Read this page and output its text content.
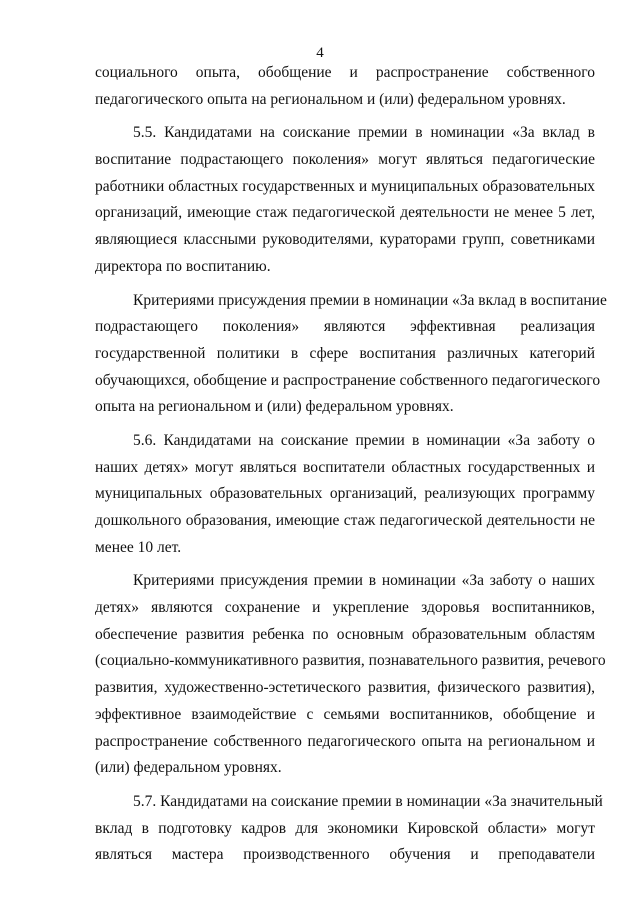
4
социального опыта, обобщение и распространение собственного
педагогического опыта на региональном и (или) федеральном уровнях.
5.5. Кандидатами на соискание премии в номинации «За вклад в
воспитание подрастающего поколения» могут являться педагогические
работники областных государственных и муниципальных образовательных
организаций, имеющие стаж педагогической деятельности не менее 5 лет,
являющиеся классными руководителями, кураторами групп, советниками
директора по воспитанию.
Критериями присуждения премии в номинации «За вклад в воспитание
подрастающего поколения» являются эффективная реализация
государственной политики в сфере воспитания различных категорий
обучающихся, обобщение и распространение собственного педагогического
опыта на региональном и (или) федеральном уровнях.
5.6. Кандидатами на соискание премии в номинации «За заботу о
наших детях» могут являться воспитатели областных государственных и
муниципальных образовательных организаций, реализующих программу
дошкольного образования, имеющие стаж педагогической деятельности не
менее 10 лет.
Критериями присуждения премии в номинации «За заботу о наших
детях» являются сохранение и укрепление здоровья воспитанников,
обеспечение развития ребенка по основным образовательным областям
(социально-коммуникативного развития, познавательного развития, речевого
развития, художественно-эстетического развития, физического развития),
эффективное взаимодействие с семьями воспитанников, обобщение и
распространение собственного педагогического опыта на региональном и
(или) федеральном уровнях.
5.7. Кандидатами на соискание премии в номинации «За значительный
вклад в подготовку кадров для экономики Кировской области» могут
являться мастера производственного обучения и преподаватели
